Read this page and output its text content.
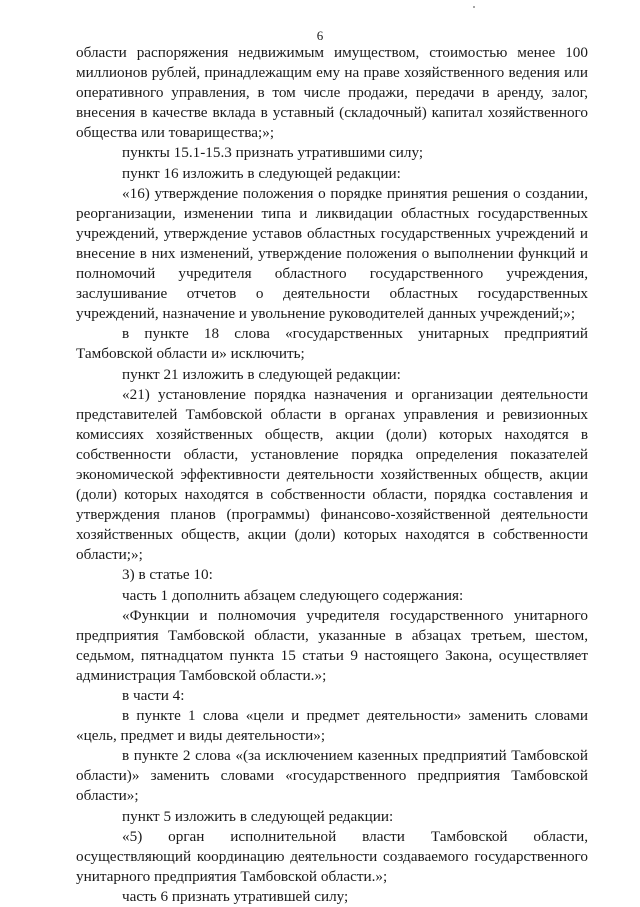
6

области распоряжения недвижимым имуществом, стоимостью менее 100 миллионов рублей, принадлежащим ему на праве хозяйственного ведения или оперативного управления, в том числе продажи, передачи в аренду, залог, внесения в качестве вклада в уставный (складочный) капитал хозяйственного общества или товарищества;»;

пункты 15.1-15.3 признать утратившими силу;

пункт 16 изложить в следующей редакции:

«16) утверждение положения о порядке принятия решения о создании, реорганизации, изменении типа и ликвидации областных государственных учреждений, утверждение уставов областных государственных учреждений и внесение в них изменений, утверждение положения о выполнении функций и полномочий учредителя областного государственного учреждения, заслушивание отчетов о деятельности областных государственных учреждений, назначение и увольнение руководителей данных учреждений;»;

в пункте 18 слова «государственных унитарных предприятий Тамбовской области и» исключить;

пункт 21 изложить в следующей редакции:

«21) установление порядка назначения и организации деятельности представителей Тамбовской области в органах управления и ревизионных комиссиях хозяйственных обществ, акции (доли) которых находятся в собственности области, установление порядка определения показателей экономической эффективности деятельности хозяйственных обществ, акции (доли) которых находятся в собственности области, порядка составления и утверждения планов (программы) финансово-хозяйственной деятельности хозяйственных обществ, акции (доли) которых находятся в собственности области;»;

3) в статье 10:

часть 1 дополнить абзацем следующего содержания:

«Функции и полномочия учредителя государственного унитарного предприятия Тамбовской области, указанные в абзацах третьем, шестом, седьмом, пятнадцатом пункта 15 статьи 9 настоящего Закона, осуществляет администрация Тамбовской области.»;

в части 4:

в пункте 1 слова «цели и предмет деятельности» заменить словами «цель, предмет и виды деятельности»;

в пункте 2 слова «(за исключением казенных предприятий Тамбовской области)» заменить словами «государственного предприятия Тамбовской области»;

пункт 5 изложить в следующей редакции:

«5) орган исполнительной власти Тамбовской области, осуществляющий координацию деятельности создаваемого государственного унитарного предприятия Тамбовской области.»;

часть 6 признать утратившей силу;
